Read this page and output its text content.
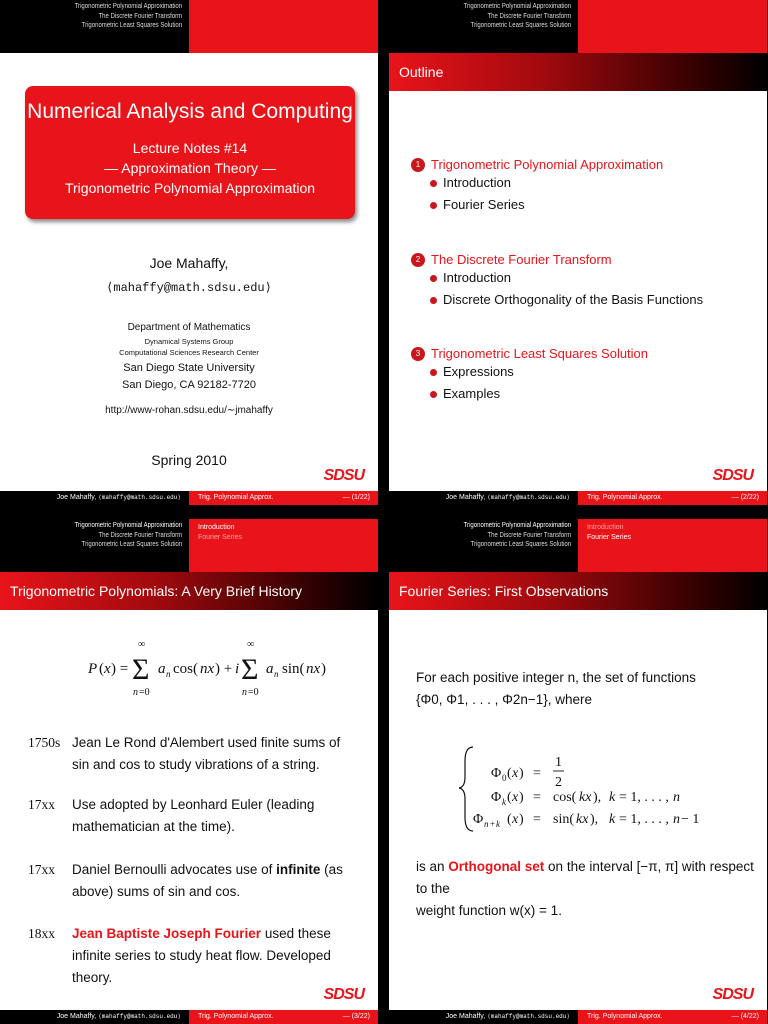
Trigonometric Polynomial Approximation
The Discrete Fourier Transform
Trigonometric Least Squares Solution
Numerical Analysis and Computing
Lecture Notes #14
— Approximation Theory —
Trigonometric Polynomial Approximation
Joe Mahaffy,
⟨mahaffy@math.sdsu.edu⟩
Department of Mathematics
Dynamical Systems Group
Computational Sciences Research Center
San Diego State University
San Diego, CA 92182-7720
http://www-rohan.sdsu.edu/∼jmahaffy
Spring 2010
SDSU
Joe Mahaffy, ⟨mahaffy@math.sdsu.edu⟩	Trig. Polynomial Approx.	— (1/22)
Trigonometric Polynomial Approximation
The Discrete Fourier Transform
Trigonometric Least Squares Solution
Outline
1 Trigonometric Polynomial Approximation
Introduction
Fourier Series
2 The Discrete Fourier Transform
Introduction
Discrete Orthogonality of the Basis Functions
3 Trigonometric Least Squares Solution
Expressions
Examples
SDSU
Joe Mahaffy, ⟨mahaffy@math.sdsu.edu⟩	Trig. Polynomial Approx.	— (2/22)
Trigonometric Polynomial Approximation
The Discrete Fourier Transform
Trigonometric Least Squares Solution
Introduction
Fourier Series
Trigonometric Polynomials: A Very Brief History
P ( x ) = Σ
∞
n =0
a n cos( nx ) + i Σ
∞
n =0
a n sin( nx )
1750s Jean Le Rond d'Alembert used finite sums of sin and cos to study vibrations of a string.
17xx Use adopted by Leonhard Euler (leading mathematician at the time).
17xx Daniel Bernoulli advocates use of infinite (as above) sums of sin and cos.
18xx Jean Baptiste Joseph Fourier used these infinite series to study heat flow. Developed theory.
SDSU
Joe Mahaffy, ⟨mahaffy@math.sdsu.edu⟩	Trig. Polynomial Approx.	— (3/22)
Trigonometric Polynomial Approximation
The Discrete Fourier Transform
Trigonometric Least Squares Solution
Introduction
Fourier Series
Fourier Series: First Observations
For each positive integer n, the set of functions
{Φ0, Φ1, . . . , Φ2n−1}, where
Φ 0 ( x ) =
1
2
Φ k ( x ) = cos( kx ), k = 1, . . . , n
Φ n + k ( x ) = sin( kx ), k = 1, . . . , n − 1
is an Orthogonal set on the interval [−π, π] with respect to the
weight function w(x) = 1.
SDSU
Joe Mahaffy, ⟨mahaffy@math.sdsu.edu⟩	Trig. Polynomial Approx.	— (4/22)
